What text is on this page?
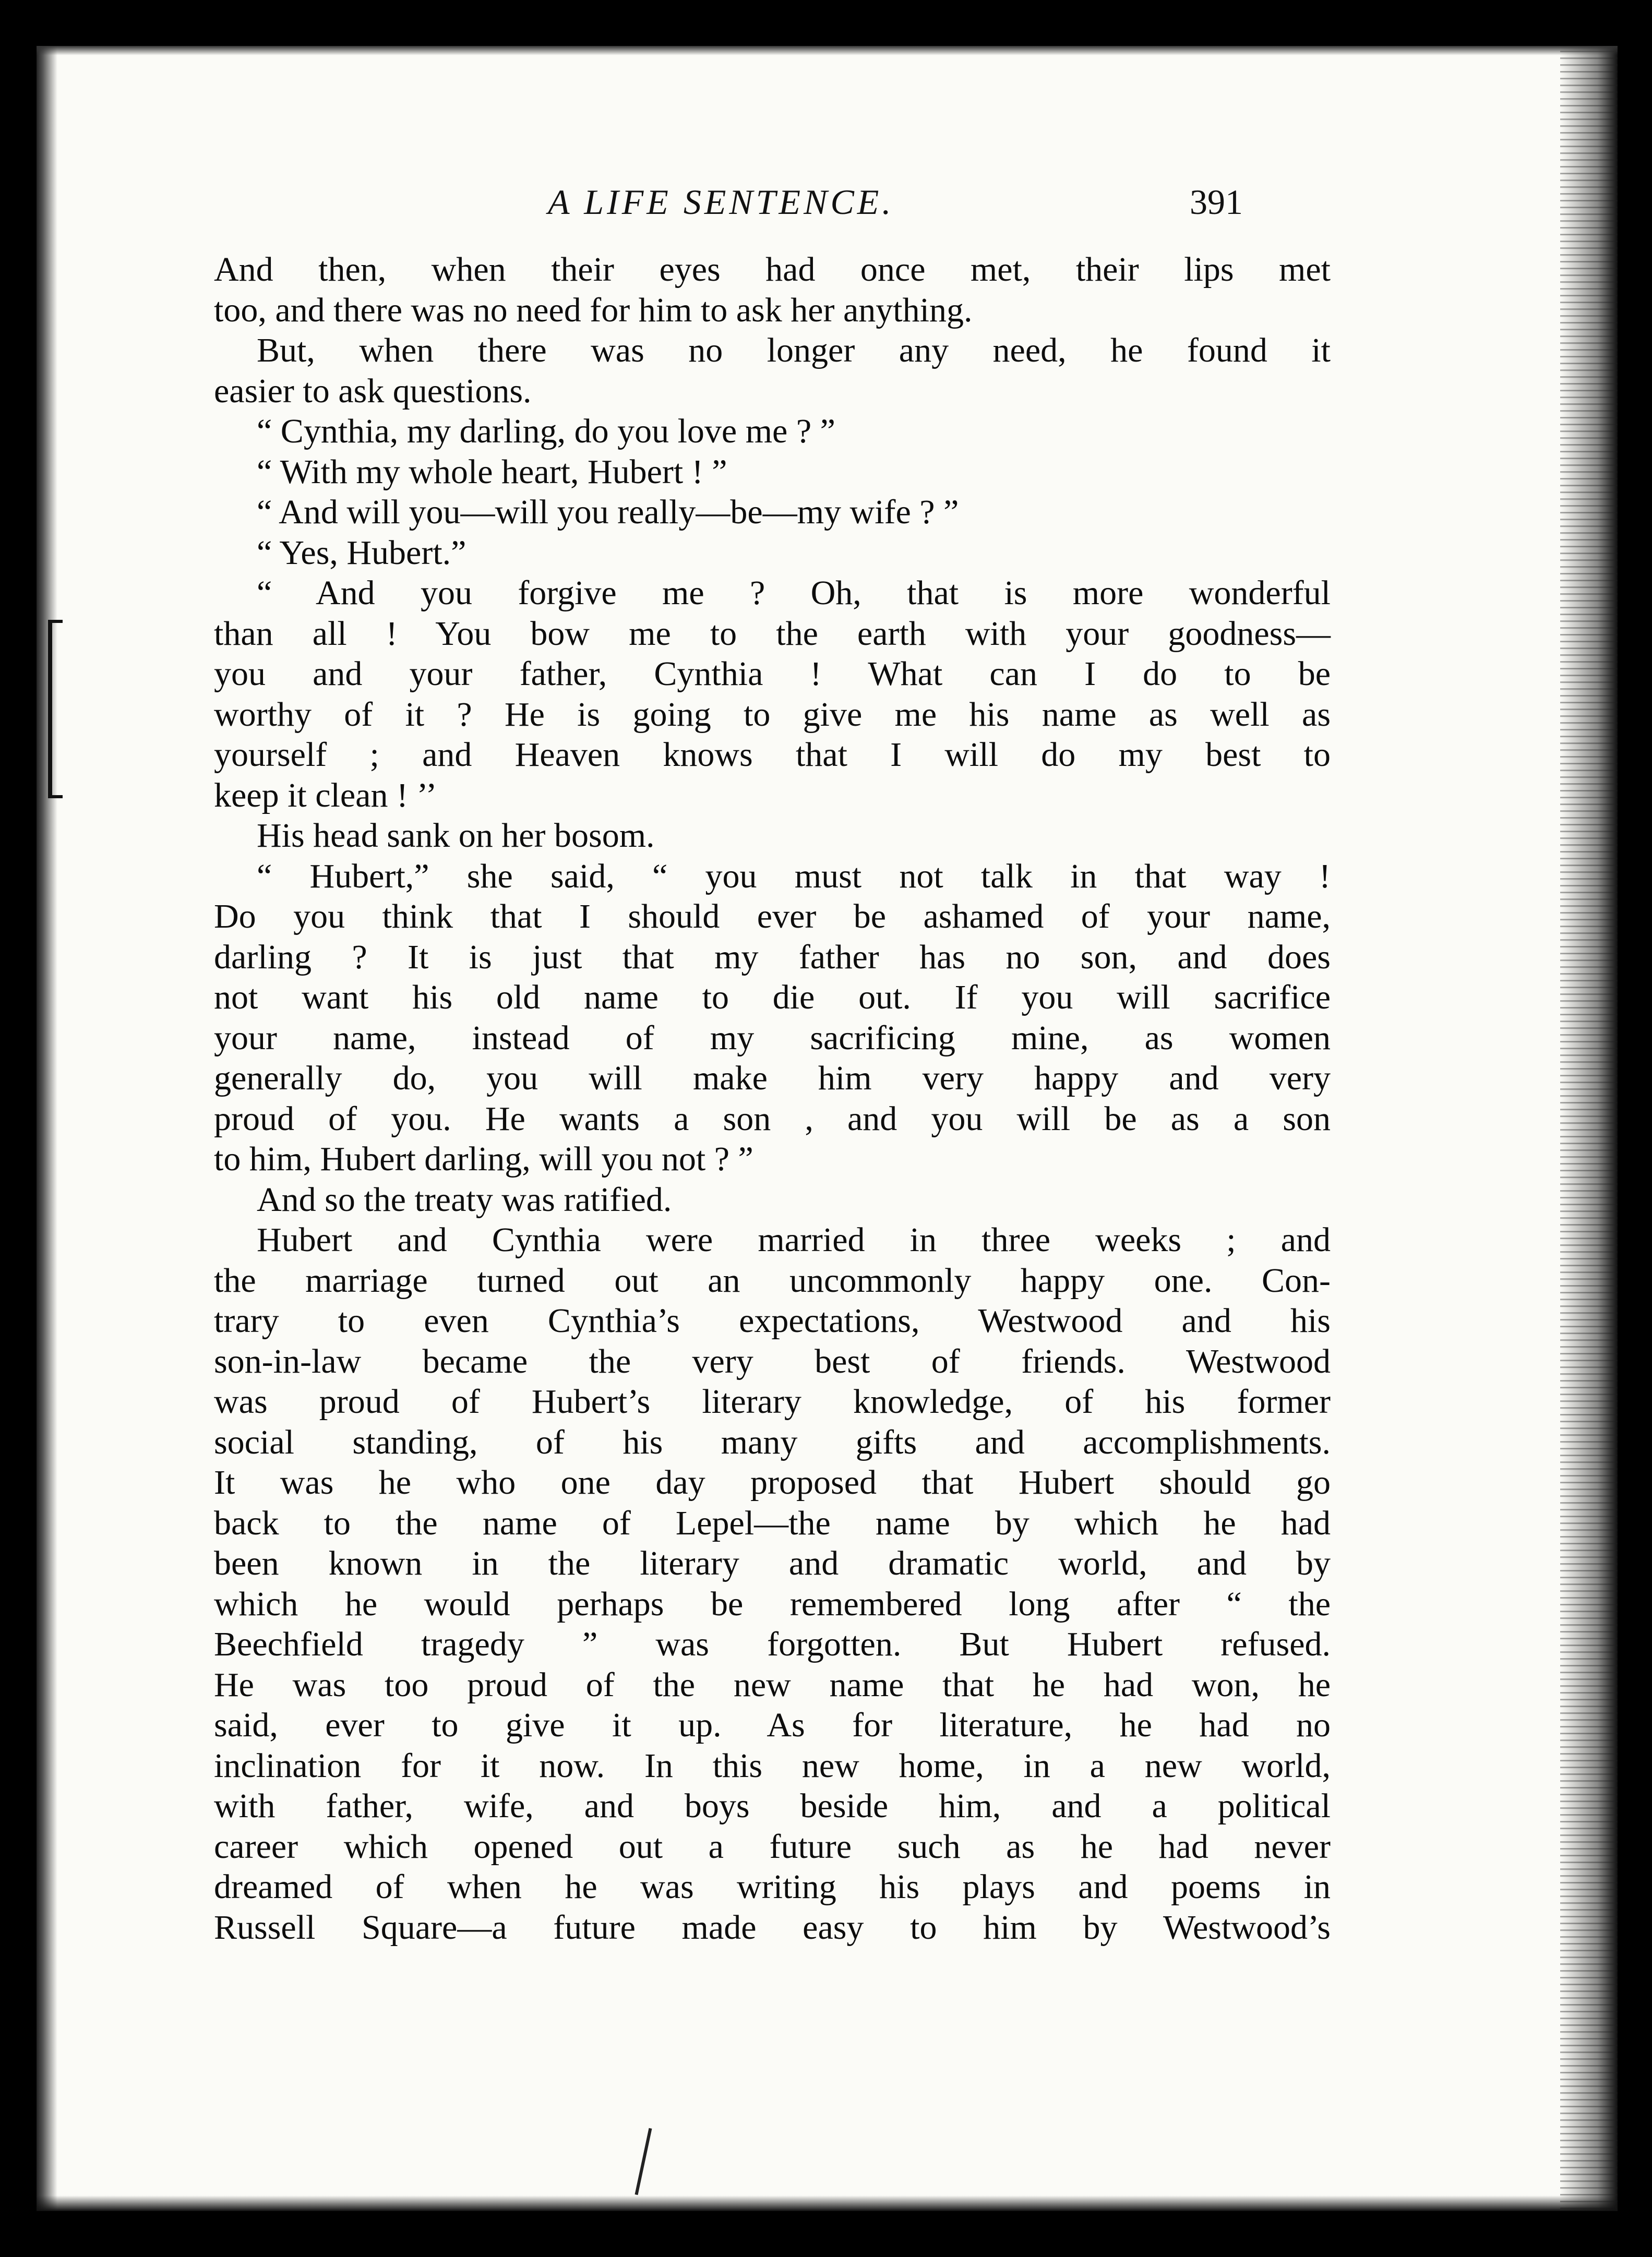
A LIFE SENTENCE.	391
And then, when their eyes had once met, their lips met
too, and there was no need for him to ask her anything.
But, when there was no longer any need, he found it
easier to ask questions.
“ Cynthia, my darling, do you love me ? ”
“ With my whole heart, Hubert ! ”
“ And will you—will you really—be—my wife ? ”
“ Yes, Hubert.”
“ And you forgive me ? Oh, that is more wonderful
than all ! You bow me to the earth with your goodness—
you and your father, Cynthia ! What can I do to be
worthy of it ? He is going to give me his name as well as
yourself ; and Heaven knows that I will do my best to
keep it clean ! ’’
His head sank on her bosom.
“ Hubert,” she said, “ you must not talk in that way !
Do you think that I should ever be ashamed of your name,
darling ? It is just that my father has no son, and does
not want his old name to die out. If you will sacrifice
your name, instead of my sacrificing mine, as women
generally do, you will make him very happy and very
proud of you. He wants a son , and you will be as a son
to him, Hubert darling, will you not ? ”
And so the treaty was ratified.
Hubert and Cynthia were married in three weeks ; and
the marriage turned out an uncommonly happy one. Con-
trary to even Cynthia’s expectations, Westwood and his
son-in-law became the very best of friends. Westwood
was proud of Hubert’s literary knowledge, of his former
social standing, of his many gifts and accomplishments.
It was he who one day proposed that Hubert should go
back to the name of Lepel—the name by which he had
been known in the literary and dramatic world, and by
which he would perhaps be remembered long after “ the
Beechfield tragedy ” was forgotten. But Hubert refused.
He was too proud of the new name that he had won, he
said, ever to give it up. As for literature, he had no
inclination for it now. In this new home, in a new world,
with father, wife, and boys beside him, and a political
career which opened out a future such as he had never
dreamed of when he was writing his plays and poems in
Russell Square—a future made easy to him by Westwood’s
